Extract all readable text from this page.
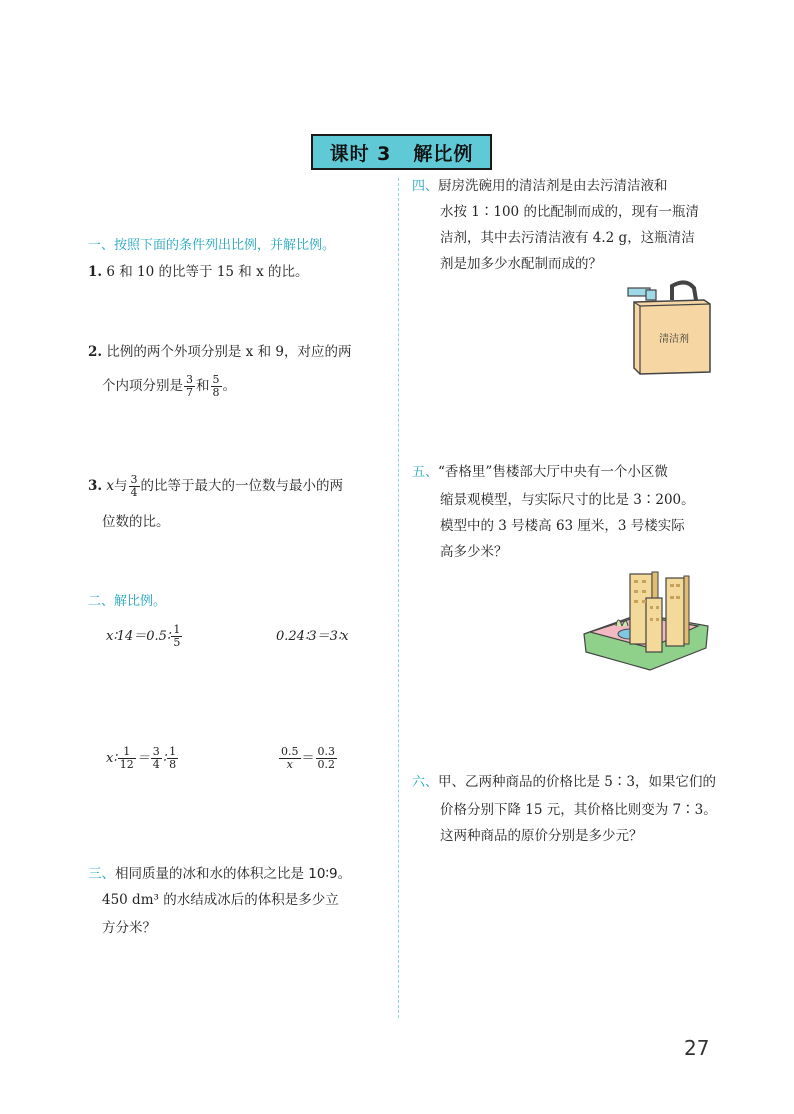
课时 3 解比例
一、按照下面的条件列出比例，并解比例。
1. 6 和 10 的比等于 15 和 x 的比。
2. 比例的两个外项分别是 x 和 9，对应的两
个内项分别是 $\frac{3}{7}$ 和 $\frac{5}{8}$ 。
3. x与 $\frac{3}{4}$ 的比等于最大的一位数与最小的两
位数的比。
二、解比例。
x∶14＝0.5∶ $\frac{1}{5}$	0.24∶3＝3∶x
x∶ $\frac{1}{12} = \frac{3}{4}$ ∶ $\frac{1}{8}$	$\frac{0.5}{x} = \frac{0.3}{0.2}$
三、相同质量的冰和水的体积之比是 10∶9。
450 dm³ 的水结成冰后的体积是多少立
方分米？
四、厨房洗碗用的清洁剂是由去污清洁液和
水按 1∶100 的比配制而成的，现有一瓶清
洁剂，其中去污清洁液有 4.2 g，这瓶清洁
剂是加多少水配制而成的？
清洁剂
五、“香格里”售楼部大厅中央有一个小区微
缩景观模型，与实际尺寸的比是 3∶200。
模型中的 3 号楼高 63 厘米，3 号楼实际
高多少米？
六、甲、乙两种商品的价格比是 5∶3，如果它们的
价格分别下降 15 元，其价格比则变为 7∶3。
这两种商品的原价分别是多少元？
27
